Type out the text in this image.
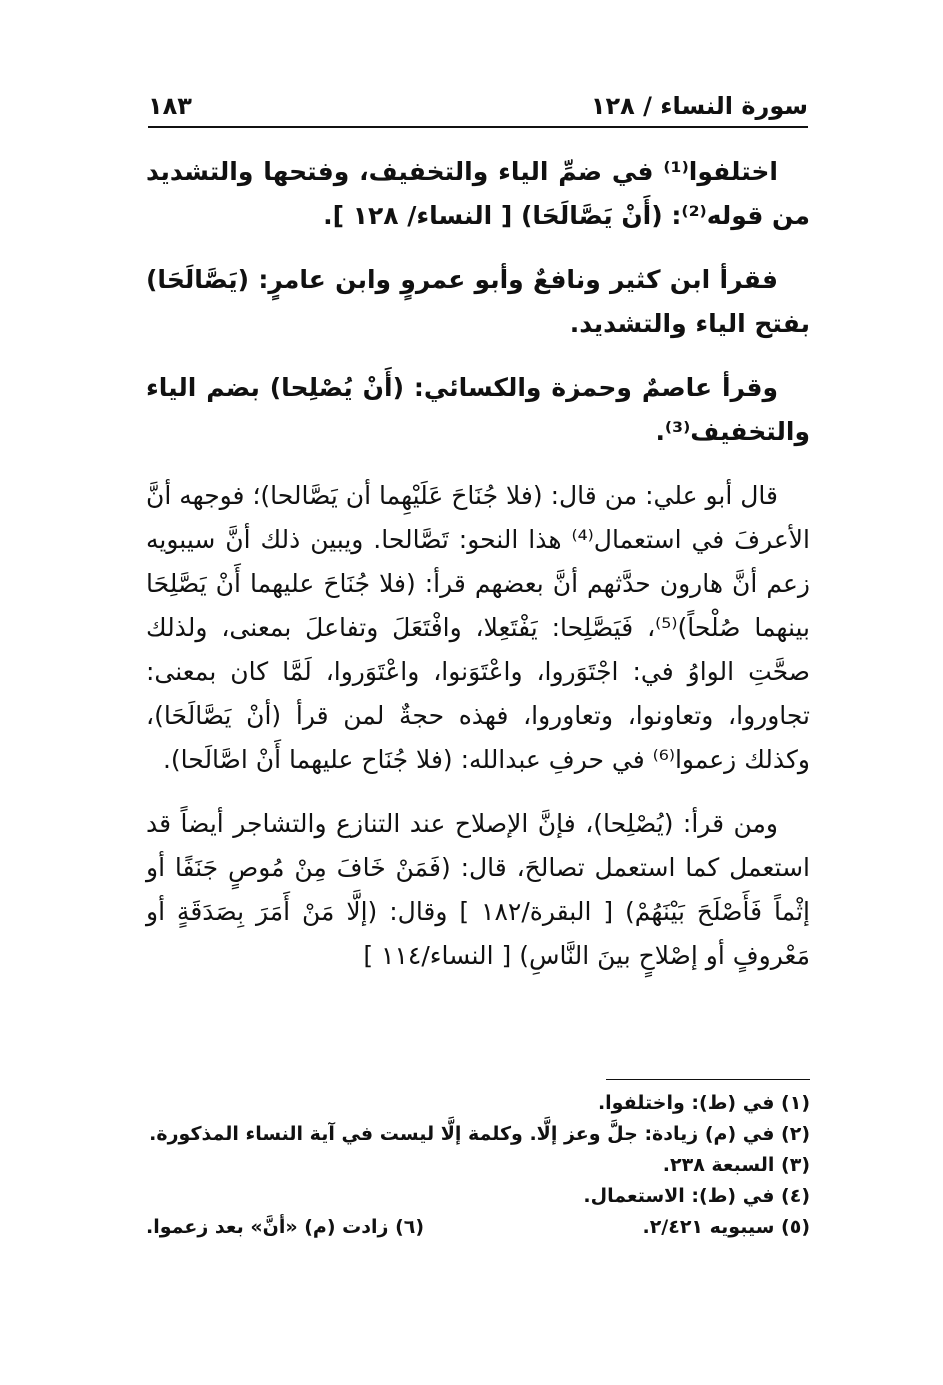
سورة النساء / ١٢٨
١٨٣

اختلفوا⁽¹⁾ في ضمِّ الياء والتخفيف، وفتحها والتشديد من قوله⁽²⁾: (أَنْ يَصَّالَحَا) [ النساء/ ١٢٨ ].

فقرأ ابن كثير ونافعٌ وأبو عمروٍ وابن عامرٍ: (يَصَّالَحَا) بفتح الياء والتشديد.

وقرأ عاصمٌ وحمزة والكسائي: (أَنْ يُصْلِحا) بضم الياء والتخفيف⁽³⁾.

قال أبو علي: من قال: (فلا جُنَاحَ عَلَيْهِما أن يَصَّالحا)؛ فوجهه أنَّ الأعرفَ في استعمال⁽⁴⁾ هذا النحو: تَصَّالحا. ويبين ذلك أنَّ سيبويه زعم أنَّ هارون حدَّثهم أنَّ بعضهم قرأ: (فلا جُنَاحَ عليهما أَنْ يَصَّلِحَا بينهما صُلْحاً)⁽⁵⁾، فَيَصَّلِحا: يَفْتَعِلا، وافْتَعَلَ وتفاعلَ بمعنى، ولذلك صحَّتِ الواوُ في: اجْتَوَروا، واعْتَوَنوا، واعْتَوَروا، لَمَّا كان بمعنى: تجاوروا، وتعاونوا، وتعاوروا، فهذه حجةٌ لمن قرأ (أنْ يَصَّالَحَا)، وكذلك زعموا⁽⁶⁾ في حرفِ عبدالله: (فلا جُنَاح عليهما أَنْ اصَّالَحا).

ومن قرأ: (يُصْلِحا)، فإنَّ الإصلاح عند التنازع والتشاجر أيضاً قد استعمل كما استعمل تصالحَ، قال: (فَمَنْ خَافَ مِنْ مُوصٍ جَنَفًا أو إثْماً فَأَصْلَحَ بَيْنَهُمْ) [ البقرة/١٨٢ ] وقال: (إلَّا مَنْ أَمَرَ بِصَدَقَةٍ أو مَعْروفٍ أو إصْلاحٍ بينَ النَّاسِ) [ النساء/١١٤ ]

(١) في (ط): واختلفوا.

(٢) في (م) زيادة: جلَّ وعز إلَّا. وكلمة إلَّا ليست في آية النساء المذكورة.

(٣) السبعة ٢٣٨.

(٤) في (ط): الاستعمال.

(٥) سيبويه ٢/٤٢١.

(٦) زادت (م) «أنَّ» بعد زعموا.
